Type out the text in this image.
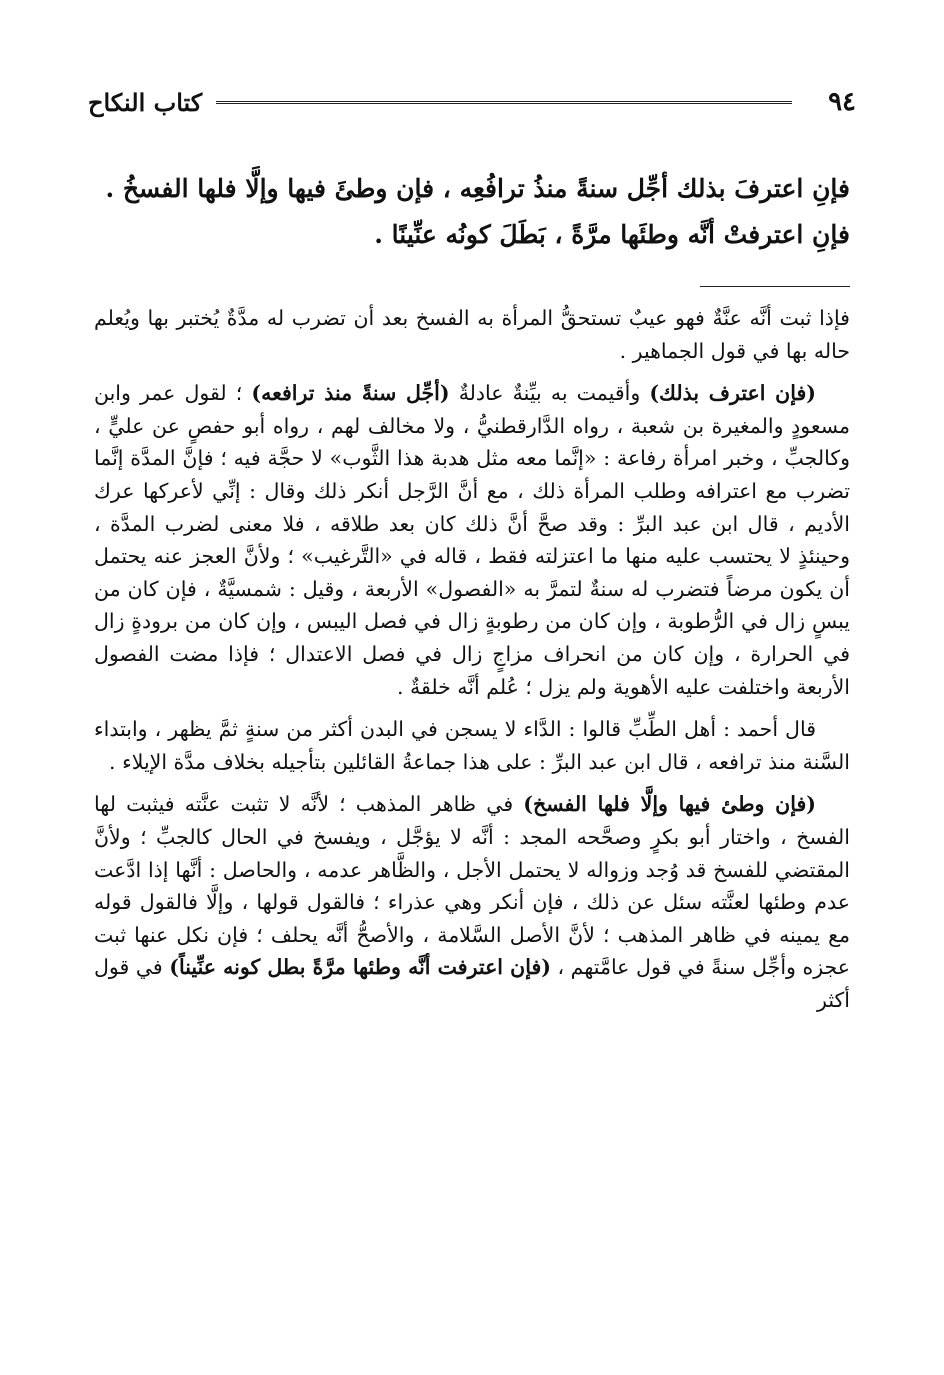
٩٤
كتاب النكاح

فإنِ اعترفَ بذلك أجِّل سنةً منذُ ترافُعِه ، فإن وطئَ فيها وإلَّا فلها الفسخُ .

فإنِ اعترفتْ أنَّه وطئَها مرَّةً ، بَطَلَ كونُه عنِّينًا .

فإذا ثبت أنَّه عنَّةٌ فهو عيبٌ تستحقُّ المرأة به الفسخ بعد أن تضرب له مدَّةٌ يُختبر بها ويُعلم حاله بها في قول الجماهير .

(فإن اعترف بذلك) وأقيمت به بيِّنةٌ عادلةٌ (أجِّل سنةً منذ ترافعه) ؛ لقول عمر وابن مسعودٍ والمغيرة بن شعبة ، رواه الدَّارقطنيُّ ، ولا مخالف لهم ، رواه أبو حفصٍ عن عليٍّ ، وكالجبِّ ، وخبر امرأة رفاعة : «إنَّما معه مثل هدبة هذا الثَّوب» لا حجَّة فيه ؛ فإنَّ المدَّة إنَّما تضرب مع اعترافه وطلب المرأة ذلك ، مع أنَّ الرَّجل أنكر ذلك وقال : إنِّي لأعركها عرك الأديم ، قال ابن عبد البرِّ : وقد صحَّ أنَّ ذلك كان بعد طلاقه ، فلا معنى لضرب المدَّة ، وحينئذٍ لا يحتسب عليه منها ما اعتزلته فقط ، قاله في «التَّرغيب» ؛ ولأنَّ العجز عنه يحتمل أن يكون مرضاً فتضرب له سنةٌ لتمرَّ به «الفصول» الأربعة ، وقيل : شمسيَّةٌ ، فإن كان من يبسٍ زال في الرُّطوبة ، وإن كان من رطوبةٍ زال في فصل اليبس ، وإن كان من برودةٍ زال في الحرارة ، وإن كان من انحراف مزاجٍ زال في فصل الاعتدال ؛ فإذا مضت الفصول الأربعة واختلفت عليه الأهوية ولم يزل ؛ عُلم أنَّه خلقةٌ .

قال أحمد : أهل الطِّبِّ قالوا : الدَّاء لا يسجن في البدن أكثر من سنةٍ ثمَّ يظهر ، وابتداء السَّنة منذ ترافعه ، قال ابن عبد البرِّ : على هذا جماعةُ القائلين بتأجيله بخلاف مدَّة الإيلاء .

(فإن وطئ فيها وإلَّا فلها الفسخ) في ظاهر المذهب ؛ لأنَّه لا تثبت عنَّته فيثبت لها الفسخ ، واختار أبو بكرٍ وصحَّحه المجد : أنَّه لا يؤجَّل ، ويفسخ في الحال كالجبِّ ؛ ولأنَّ المقتضي للفسخ قد وُجد وزواله لا يحتمل الأجل ، والظَّاهر عدمه ، والحاصل : أنَّها إذا ادَّعت عدم وطئها لعنَّته سئل عن ذلك ، فإن أنكر وهي عذراء ؛ فالقول قولها ، وإلَّا فالقول قوله مع يمينه في ظاهر المذهب ؛ لأنَّ الأصل السَّلامة ، والأصحُّ أنَّه يحلف ؛ فإن نكل عنها ثبت عجزه وأجِّل سنةً في قول عامَّتهم ، (فإن اعترفت أنَّه وطئها مرَّةً بطل كونه عنِّيناً) في قول أكثر
